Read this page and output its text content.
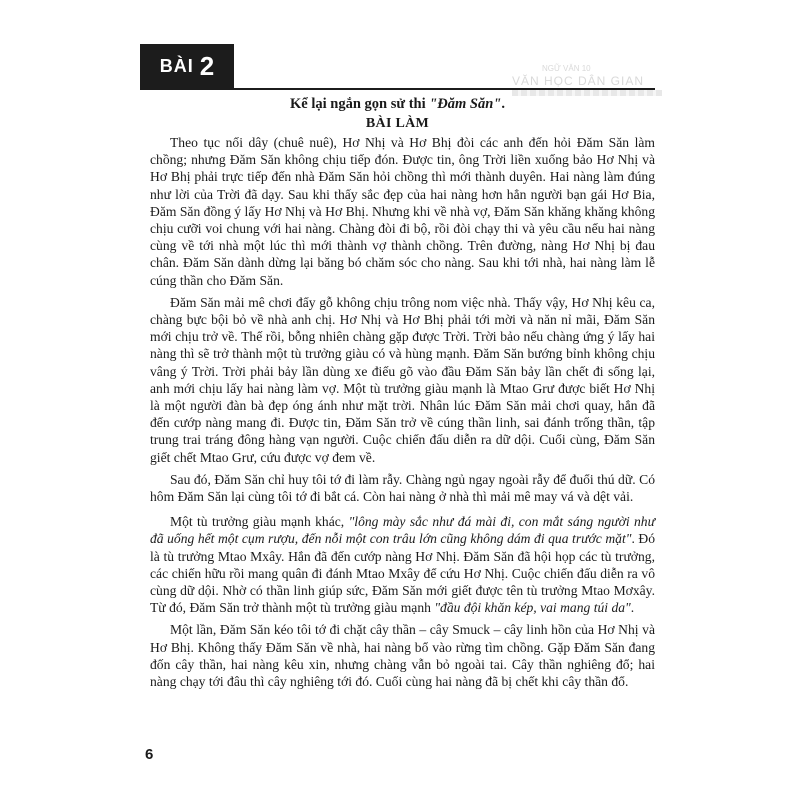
BÀI 2	NGỮ VĂN 10
VĂN HỌC DÂN GIAN
Kể lại ngắn gọn sử thi "Đăm Săn".
BÀI LÀM

Theo tục nối dây (chuê nuê), Hơ Nhị và Hơ Bhị đòi các anh đến hỏi Đăm Săn làm chồng; nhưng Đăm Săn không chịu tiếp đón. Được tin, ông Trời liền xuống bảo Hơ Nhị và Hơ Bhị phải trực tiếp đến nhà Đăm Săn hỏi chồng thì mới thành duyên. Hai nàng làm đúng như lời của Trời đã dạy. Sau khi thấy sắc đẹp của hai nàng hơn hẳn người bạn gái Hơ Bia, Đăm Săn đồng ý lấy Hơ Nhị và Hơ Bhị. Nhưng khi về nhà vợ, Đăm Săn khăng khăng không chịu cưỡi voi chung với hai nàng. Chàng đòi đi bộ, rồi đòi chạy thi và yêu cầu nếu hai nàng cùng về tới nhà một lúc thì mới thành vợ thành chồng. Trên đường, nàng Hơ Nhị bị đau chân. Đăm Săn dành dừng lại băng bó chăm sóc cho nàng. Sau khi tới nhà, hai nàng làm lễ cúng thần cho Đăm Săn.

Đăm Săn mải mê chơi đẩy gỗ không chịu trông nom việc nhà. Thấy vậy, Hơ Nhị kêu ca, chàng bực bội bỏ về nhà anh chị. Hơ Nhị và Hơ Bhị phải tới mời và năn nỉ mãi, Đăm Săn mới chịu trở về. Thế rồi, bỗng nhiên chàng gặp được Trời. Trời bảo nếu chàng ứng ý lấy hai nàng thì sẽ trở thành một tù trưởng giàu có và hùng mạnh. Đăm Săn bướng bỉnh không chịu vâng ý Trời. Trời phải bảy lần dùng xe điếu gõ vào đầu Đăm Săn bảy lần chết đi sống lại, anh mới chịu lấy hai nàng làm vợ. Một tù trưởng giàu mạnh là Mtao Grư được biết Hơ Nhị là một người đàn bà đẹp óng ánh như mặt trời. Nhân lúc Đăm Săn mải chơi quay, hắn đã đến cướp nàng mang đi. Được tin, Đăm Săn trở về cúng thần linh, sai đánh trống thần, tập trung trai tráng đông hàng vạn người. Cuộc chiến đấu diễn ra dữ dội. Cuối cùng, Đăm Săn giết chết Mtao Grư, cứu được vợ đem về.

Sau đó, Đăm Săn chỉ huy tôi tớ đi làm rẫy. Chàng ngủ ngay ngoài rẫy để đuổi thú dữ. Có hôm Đăm Săn lại cùng tôi tớ đi bắt cá. Còn hai nàng ở nhà thì mải mê may vá và dệt vải.

Một tù trưởng giàu mạnh khác, "lông mày sắc như đá mài đi, con mắt sáng người như đã uống hết một cụm rượu, đến nỗi một con trâu lớn cũng không dám đi qua trước mặt". Đó là tù trưởng Mtao Mxây. Hắn đã đến cướp nàng Hơ Nhị. Đăm Săn đã hội họp các tù trưởng, các chiến hữu rồi mang quân đi đánh Mtao Mxây để cứu Hơ Nhị. Cuộc chiến đấu diễn ra vô cùng dữ dội. Nhờ có thần linh giúp sức, Đăm Săn mới giết được tên tù trưởng Mtao Mơxây. Từ đó, Đăm Săn trở thành một tù trưởng giàu mạnh "đầu đội khăn kép, vai mang túi da".

Một lần, Đăm Săn kéo tôi tớ đi chặt cây thần – cây Smuck – cây linh hồn của Hơ Nhị và Hơ Bhị. Không thấy Đăm Săn về nhà, hai nàng bổ vào rừng tìm chồng. Gặp Đăm Săn đang đốn cây thần, hai nàng kêu xin, nhưng chàng vẫn bỏ ngoài tai. Cây thần nghiêng đổ; hai nàng chạy tới đâu thì cây nghiêng tới đó. Cuối cùng hai nàng đã bị chết khi cây thần đổ.

6
